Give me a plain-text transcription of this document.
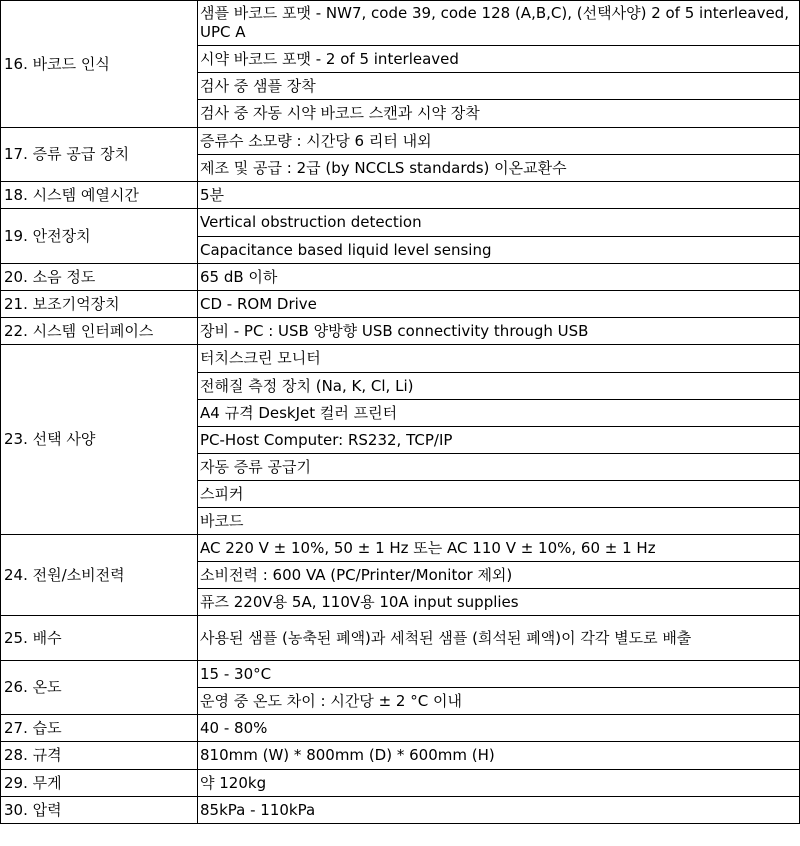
16. 바코드 인식	샘플 바코드 포맷 - NW7, code 39, code 128 (A,B,C), (선택사양) 2 of 5 interleaved, UPC A
	시약 바코드 포맷 - 2 of 5 interleaved
	검사 중 샘플 장착
	검사 중 자동 시약 바코드 스캔과 시약 장착
17. 증류 공급 장치	증류수 소모량 : 시간당 6 리터 내외
	제조 및 공급 : 2급 (by NCCLS standards) 이온교환수
18. 시스템 예열시간	5분
19. 안전장치	Vertical obstruction detection
	Capacitance based liquid level sensing
20. 소음 정도	65 dB 이하
21. 보조기억장치	CD - ROM Drive
22. 시스템 인터페이스	장비 - PC : USB 양방향 USB connectivity through USB
23. 선택 사양	터치스크린 모니터
	전해질 측정 장치 (Na, K, Cl, Li)
	A4 규격 DeskJet 컬러 프린터
	PC-Host Computer: RS232, TCP/IP
	자동 증류 공급기
	스피커
	바코드
24. 전원/소비전력	AC 220 V ± 10%, 50 ± 1 Hz 또는 AC 110 V ± 10%, 60 ± 1 Hz
	소비전력 : 600 VA (PC/Printer/Monitor 제외)
	퓨즈 220V용 5A, 110V용 10A input supplies
25. 배수	사용된 샘플 (농축된 폐액)과 세척된 샘플 (희석된 폐액)이 각각 별도로 배출
26. 온도	15 - 30°C
	운영 중 온도 차이 : 시간당 ± 2 °C 이내
27. 습도	40 - 80%
28. 규격	810mm (W) * 800mm (D) * 600mm (H)
29. 무게	약 120kg
30. 압력	85kPa - 110kPa
